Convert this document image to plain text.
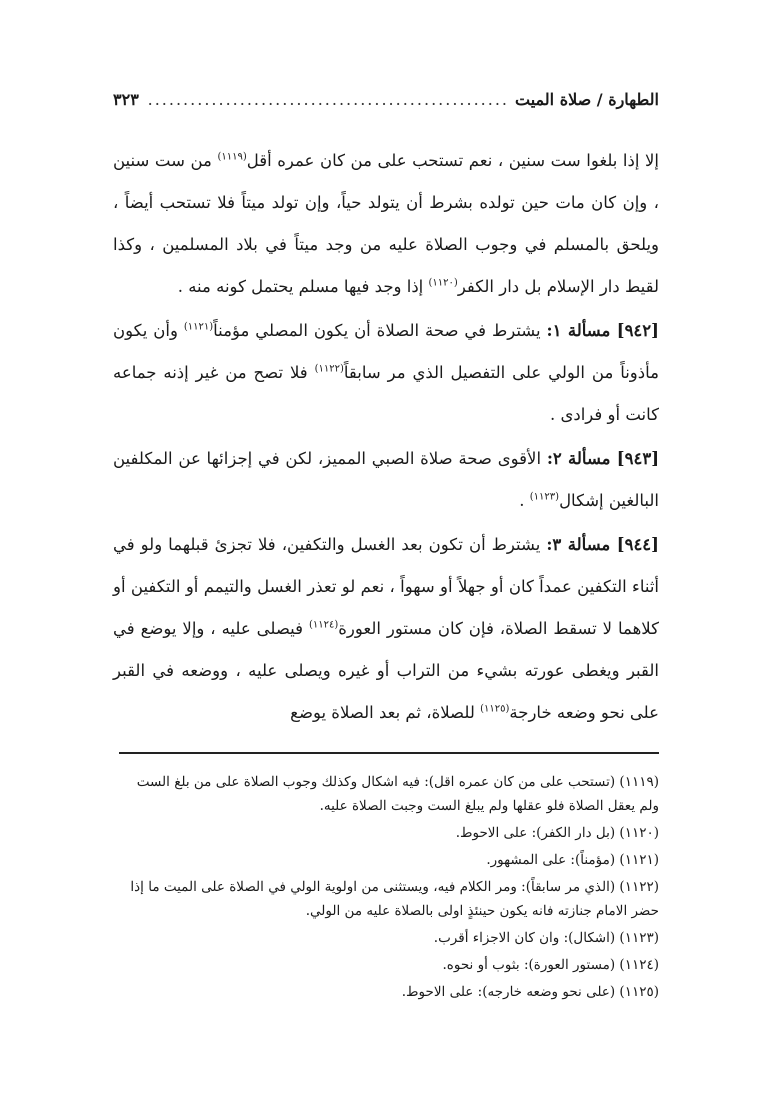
الطهارة / صلاة الميت
...................................................
٣٢٣

إلا إذا بلغوا ست سنين ، نعم تستحب على من كان عمره أقل$^{(١١١٩)}$ من ست سنين ، وإن كان مات حين تولده بشرط أن يتولد حياً، وإن تولد ميتاً فلا تستحب أيضاً ، ويلحق بالمسلم في وجوب الصلاة عليه من وجد ميتاً في بلاد المسلمين ، وكذا لقيط دار الإسلام بل دار الكفر$^{(١١٢٠)}$ إذا وجد فيها مسلم يحتمل كونه منه .

[٩٤٢] مسألة ١: يشترط في صحة الصلاة أن يكون المصلي مؤمناً$^{(١١٢١)}$ وأن يكون مأذوناً من الولي على التفصيل الذي مر سابقاً$^{(١١٢٢)}$ فلا تصح من غير إذنه جماعه كانت أو فرادى .

[٩٤٣] مسألة ٢: الأقوى صحة صلاة الصبي المميز، لكن في إجزائها عن المكلفين البالغين إشكال$^{(١١٢٣)}$ .

[٩٤٤] مسألة ٣: يشترط أن تكون بعد الغسل والتكفين، فلا تجزئ قبلهما ولو في أثناء التكفين عمداً كان أو جهلاً أو سهواً ، نعم لو تعذر الغسل والتيمم أو التكفين أو كلاهما لا تسقط الصلاة، فإن كان مستور العورة$^{(١١٢٤)}$ فيصلى عليه ، وإلا يوضع في القبر ويغطى عورته بشيء من التراب أو غيره ويصلى عليه ، ووضعه في القبر على نحو وضعه خارجة$^{(١١٢٥)}$ للصلاة، ثم بعد الصلاة يوضع

(١١١٩) (تستحب على من كان عمره اقل): فيه اشكال وكذلك وجوب الصلاة على من بلغ الست ولم يعقل الصلاة فلو عقلها ولم يبلغ الست وجبت الصلاة عليه.

(١١٢٠) (بل دار الكفر): على الاحوط.

(١١٢١) (مؤمناً): على المشهور.

(١١٢٢) (الذي مر سابقاً): ومر الكلام فيه، ويستثنى من اولوية الولي في الصلاة على الميت ما إذا حضر الامام جنازته فانه يكون حينئذٍ اولى بالصلاة عليه من الولي.

(١١٢٣) (اشكال): وان كان الاجزاء أقرب.

(١١٢٤) (مستور العورة): بثوب أو نحوه.

(١١٢٥) (على نحو وضعه خارجه): على الاحوط.
